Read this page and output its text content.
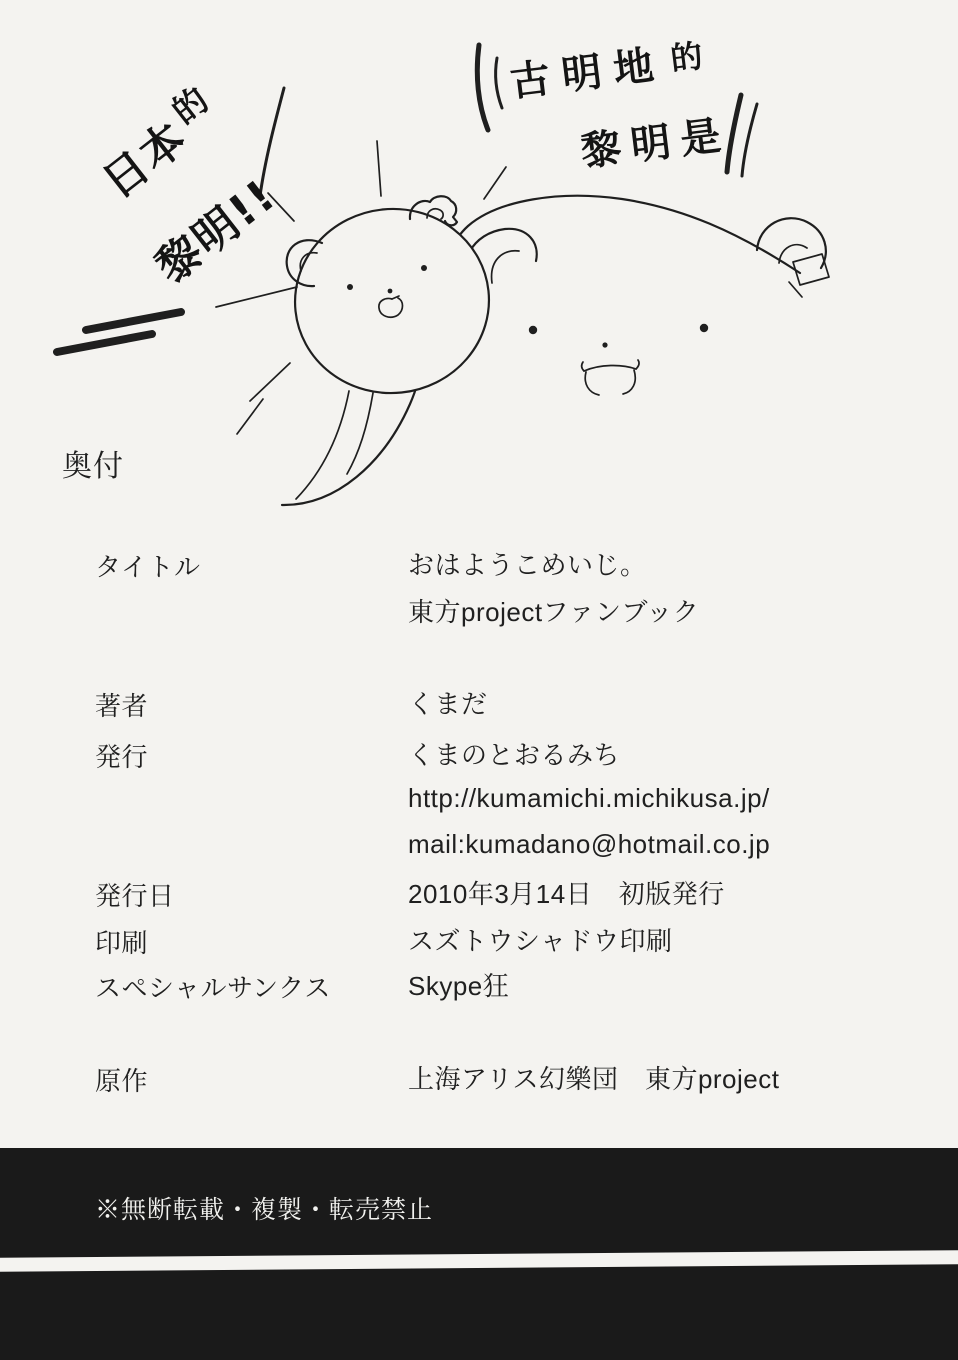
日本$^的$
黎明!!
古明地的
黎明是
奥付
タイトル	おはようこめいじ。
東方projectファンブック
著者	くまだ
発行	くまのとおるみち
http://kumamichi.michikusa.jp/
mail:kumadano@hotmail.co.jp
発行日	2010年3月14日　初版発行
印刷	スズトウシャドウ印刷
スペシャルサンクス	Skype狂
原作	上海アリス幻樂団　東方project
※無断転載・複製・転売禁止
